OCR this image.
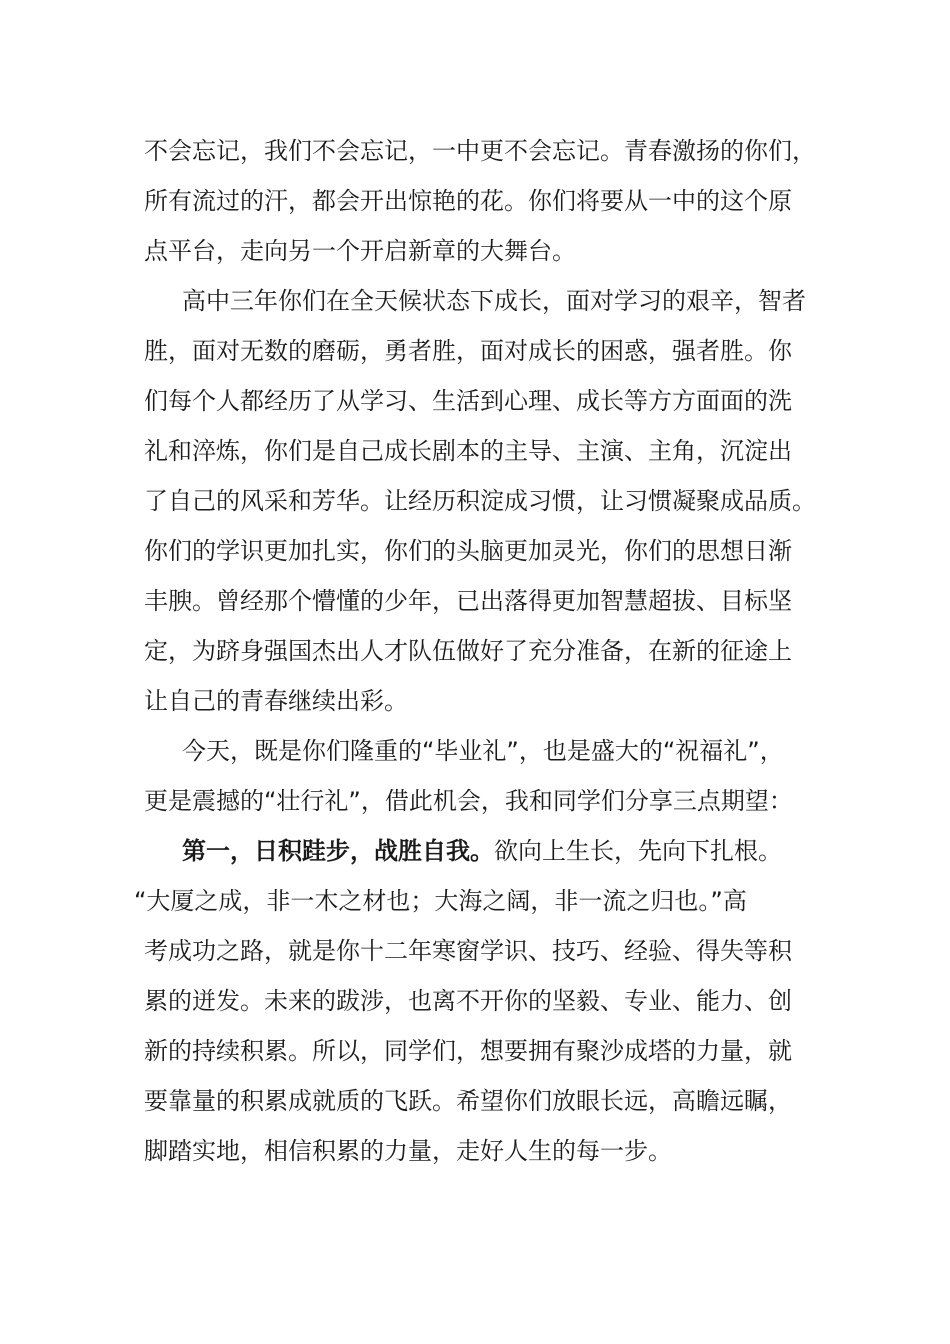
不会忘记，我们不会忘记，一中更不会忘记。青春激扬的你们，
所有流过的汗，都会开出惊艳的花。你们将要从一中的这个原
点平台，走向另一个开启新章的大舞台。
高中三年你们在全天候状态下成长，面对学习的艰辛，智者
胜，面对无数的磨砺，勇者胜，面对成长的困惑，强者胜。你
们每个人都经历了从学习、生活到心理、成长等方方面面的洗
礼和淬炼，你们是自己成长剧本的主导、主演、主角，沉淀出
了自己的风采和芳华。让经历积淀成习惯，让习惯凝聚成品质。
你们的学识更加扎实，你们的头脑更加灵光，你们的思想日渐
丰腴。曾经那个懵懂的少年，已出落得更加智慧超拔、目标坚
定，为跻身强国杰出人才队伍做好了充分准备，在新的征途上
让自己的青春继续出彩。
今天，既是你们隆重的“毕业礼”，也是盛大的“祝福礼”，
更是震撼的“壮行礼”，借此机会，我和同学们分享三点期望：
第一，日积跬步，战胜自我。欲向上生长，先向下扎根。
“大厦之成，非一木之材也；大海之阔，非一流之归也。”高
考成功之路，就是你十二年寒窗学识、技巧、经验、得失等积
累的迸发。未来的跋涉，也离不开你的坚毅、专业、能力、创
新的持续积累。所以，同学们，想要拥有聚沙成塔的力量，就
要靠量的积累成就质的飞跃。希望你们放眼长远，高瞻远瞩，
脚踏实地，相信积累的力量，走好人生的每一步。
